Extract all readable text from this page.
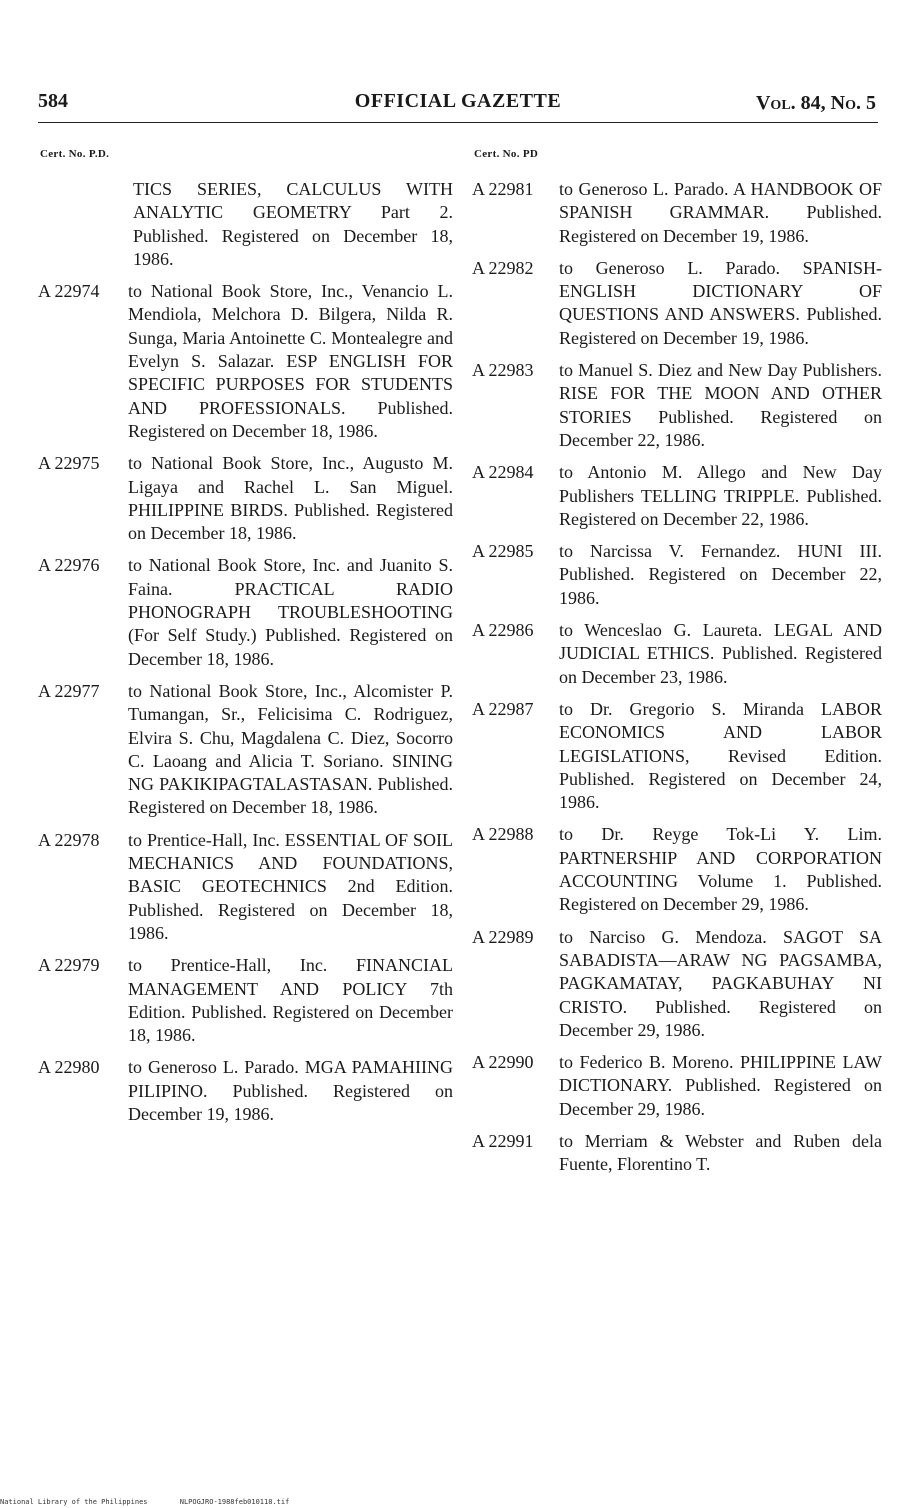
584	OFFICIAL GAZETTE	Vol. 84, No. 5
Cert. No. P.D.
TICS SERIES, CALCULUS WITH ANALYTIC GEOMETRY Part 2. Published. Registered on December 18, 1986.
A 22974	to National Book Store, Inc., Venancio L. Mendiola, Melchora D. Bilgera, Nilda R. Sunga, Maria Antoinette C. Montealegre and Evelyn S. Salazar. ESP ENGLISH FOR SPECIFIC PURPOSES FOR STUDENTS AND PROFESSIONALS. Published. Registered on December 18, 1986.
A 22975	to National Book Store, Inc., Augusto M. Ligaya and Rachel L. San Miguel. PHILIPPINE BIRDS. Published. Registered on December 18, 1986.
A 22976	to National Book Store, Inc. and Juanito S. Faina. PRACTICAL RADIO PHONOGRAPH TROUBLESHOOTING (For Self Study.) Published. Registered on December 18, 1986.
A 22977	to National Book Store, Inc., Alcomister P. Tumangan, Sr., Felicisima C. Rodriguez, Elvira S. Chu, Magdalena C. Diez, Socorro C. Laoang and Alicia T. Soriano. SINING NG PAKIKIPAGTALASTASAN. Published. Registered on December 18, 1986.
A 22978	to Prentice-Hall, Inc. ESSENTIAL OF SOIL MECHANICS AND FOUNDATIONS, BASIC GEOTECHNICS 2nd Edition. Published. Registered on December 18, 1986.
A 22979	to Prentice-Hall, Inc. FINANCIAL MANAGEMENT AND POLICY 7th Edition. Published. Registered on December 18, 1986.
A 22980	to Generoso L. Parado. MGA PAMAHIING PILIPINO. Published. Registered on December 19, 1986.
Cert. No. PD
A 22981	to Generoso L. Parado. A HANDBOOK OF SPANISH GRAMMAR. Published. Registered on December 19, 1986.
A 22982	to Generoso L. Parado. SPANISH-ENGLISH DICTIONARY OF QUESTIONS AND ANSWERS. Published. Registered on December 19, 1986.
A 22983	to Manuel S. Diez and New Day Publishers. RISE FOR THE MOON AND OTHER STORIES Published. Registered on December 22, 1986.
A 22984	to Antonio M. Allego and New Day Publishers TELLING TRIPPLE. Published. Registered on December 22, 1986.
A 22985	to Narcissa V. Fernandez. HUNI III. Published. Registered on December 22, 1986.
A 22986	to Wenceslao G. Laureta. LEGAL AND JUDICIAL ETHICS. Published. Registered on December 23, 1986.
A 22987	to Dr. Gregorio S. Miranda LABOR ECONOMICS AND LABOR LEGISLATIONS, Revised Edition. Published. Registered on December 24, 1986.
A 22988	to Dr. Reyge Tok-Li Y. Lim. PARTNERSHIP AND CORPORATION ACCOUNTING Volume 1. Published. Registered on December 29, 1986.
A 22989	to Narciso G. Mendoza. SAGOT SA SABADISTA—ARAW NG PAGSAMBA, PAGKAMATAY, PAGKABUHAY NI CRISTO. Published. Registered on December 29, 1986.
A 22990	to Federico B. Moreno. PHILIPPINE LAW DICTIONARY. Published. Registered on December 29, 1986.
A 22991	to Merriam & Webster and Ruben dela Fuente, Florentino T.
National Library of the Philippines	NLPOGJRO-1988feb010118.tif
